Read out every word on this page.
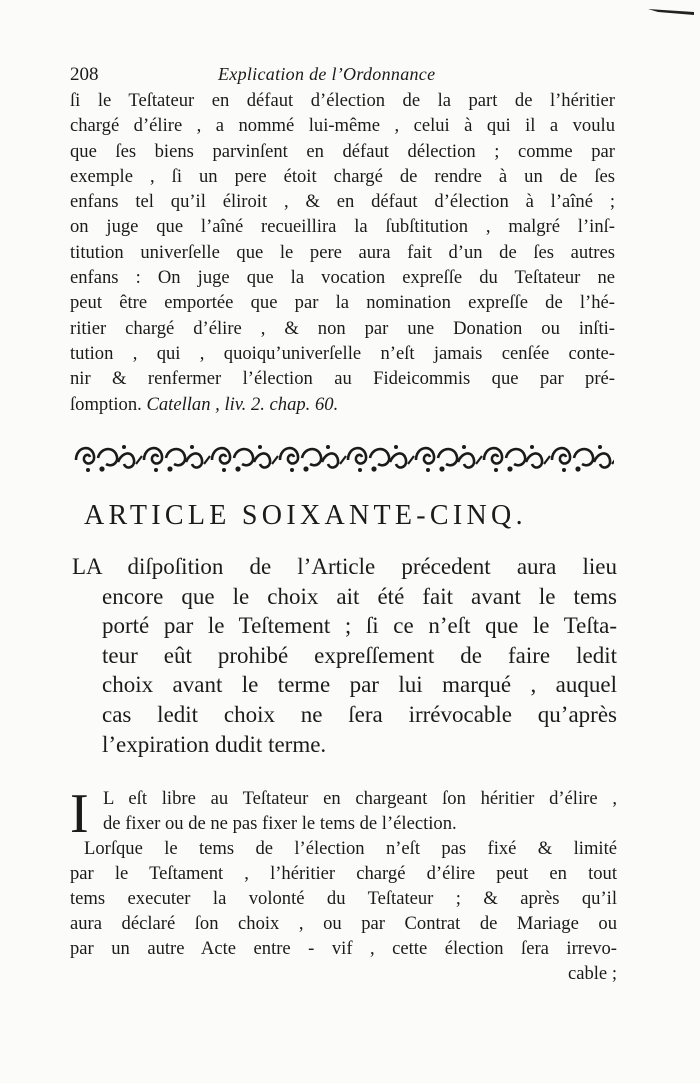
208	Explication de l’Ordonnance
ſi le Teſtateur en défaut d’élection de la part de l’héritier
chargé d’élire , a nommé lui-même , celui à qui il a voulu
que ſes biens parvinſent en défaut délection ; comme par
exemple , ſi un pere étoit chargé de rendre à un de ſes
enfans tel qu’il éliroit , & en défaut d’élection à l’aîné ;
on juge que l’aîné recueillira la ſubſtitution , malgré l’inſ-
titution univerſelle que le pere aura fait d’un de ſes autres
enfans : On juge que la vocation expreſſe du Teſtateur ne
peut être emportée que par la nomination expreſſe de l’hé-
ritier chargé d’élire , & non par une Donation ou inſti-
tution , qui , quoiqu’univerſelle n’eſt jamais cenſée conte-
nir & renfermer l’élection au Fideicommis que par pré-
ſomption. Catellan , liv. 2. chap. 60.
ARTICLE SOIXANTE-CINQ.
LA diſpoſition de l’Article précedent aura lieu
encore que le choix ait été fait avant le tems
porté par le Teſtement ; ſi ce n’eſt que le Teſta-
teur eût prohibé expreſſement de faire ledit
choix avant le terme par lui marqué , auquel
cas ledit choix ne ſera irrévocable qu’après
l’expiration dudit terme.
I L eſt libre au Teſtateur en chargeant ſon héritier d’élire ,
de fixer ou de ne pas fixer le tems de l’élection.
Lorſque le tems de l’élection n’eſt pas fixé & limité
par le Teſtament , l’héritier chargé d’élire peut en tout
tems executer la volonté du Teſtateur ; & après qu’il
aura déclaré ſon choix , ou par Contrat de Mariage ou
par un autre Acte entre - vif , cette élection ſera irrevo-
cable ;
